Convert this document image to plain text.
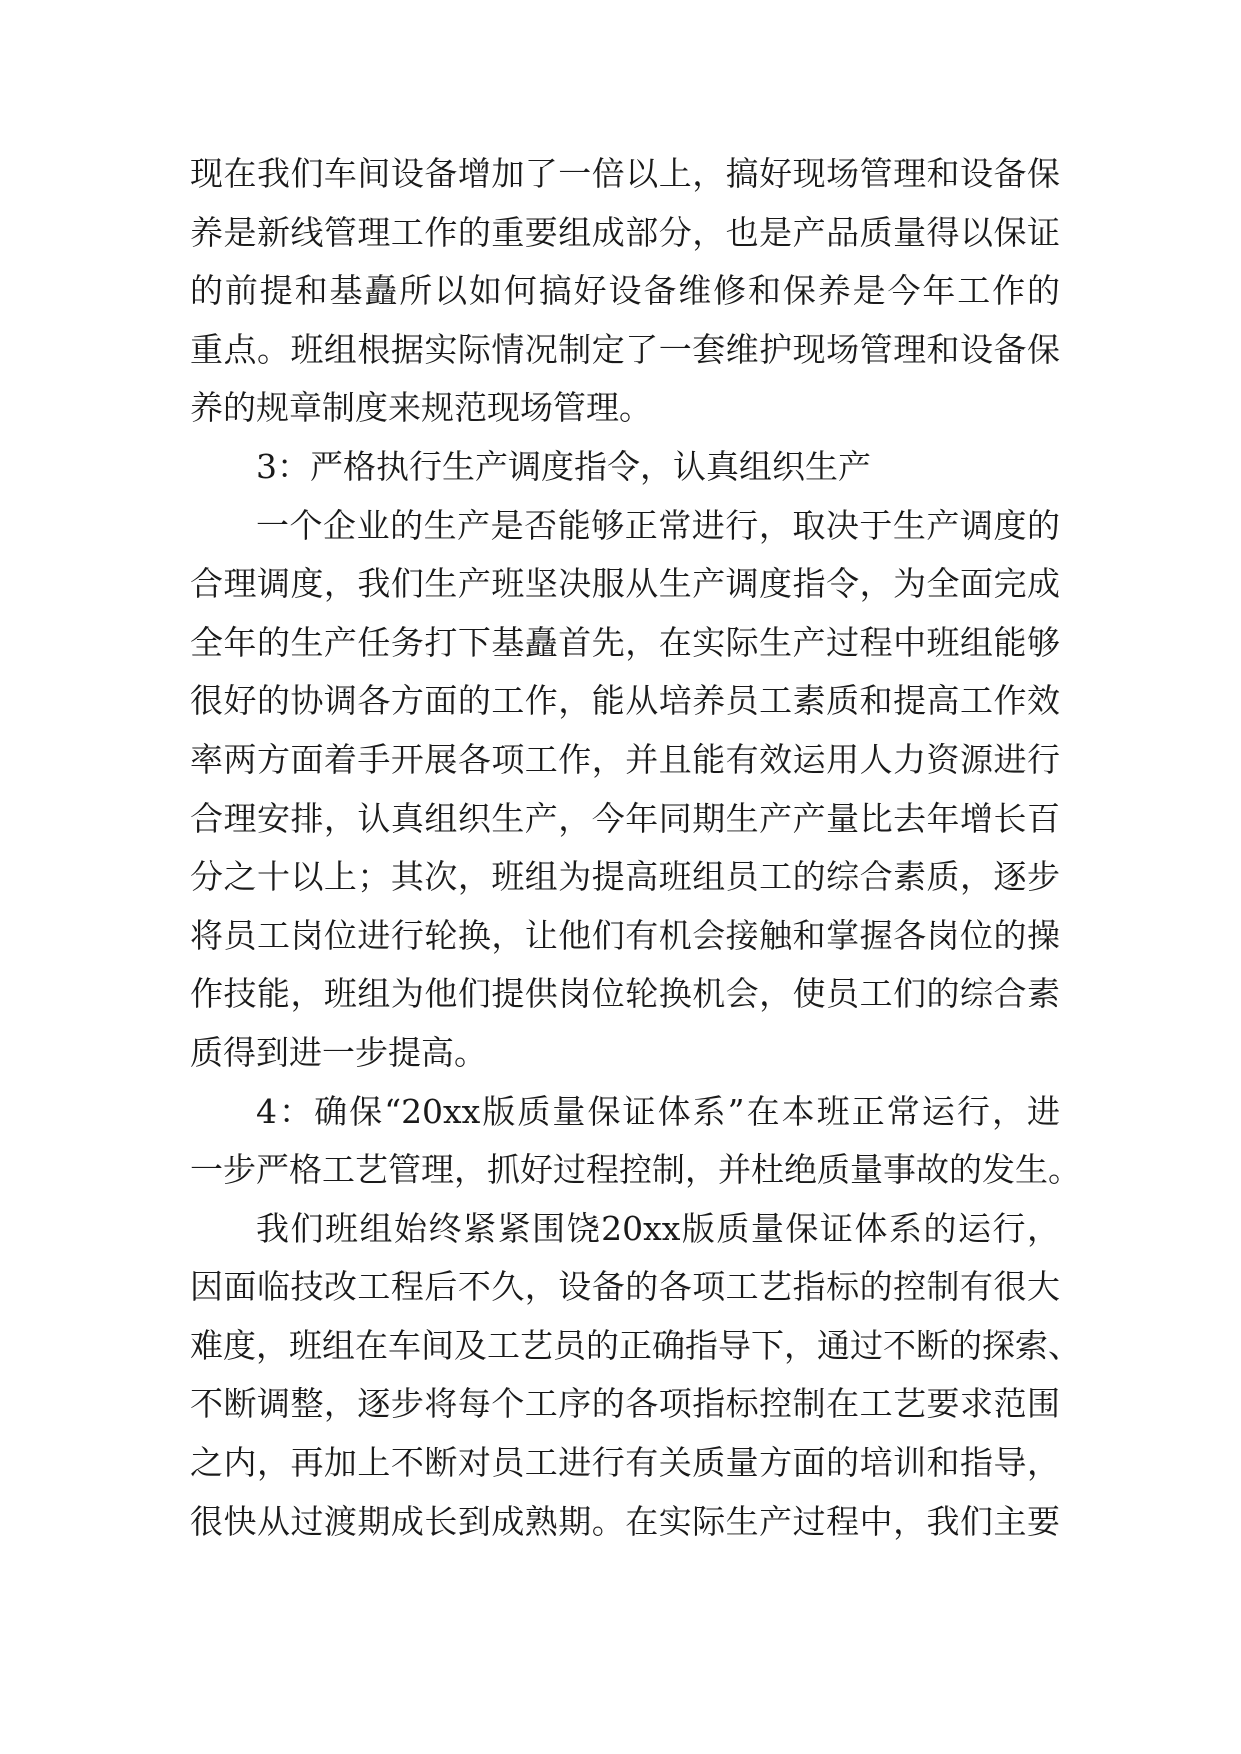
现在我们车间设备增加了一倍以上，搞好现场管理和设备保
养是新线管理工作的重要组成部分，也是产品质量得以保证
的前提和基矗所以如何搞好设备维修和保养是今年工作的
重点。班组根据实际情况制定了一套维护现场管理和设备保
养的规章制度来规范现场管理。
3：严格执行生产调度指令，认真组织生产
一个企业的生产是否能够正常进行，取决于生产调度的
合理调度，我们生产班坚决服从生产调度指令，为全面完成
全年的生产任务打下基矗首先，在实际生产过程中班组能够
很好的协调各方面的工作，能从培养员工素质和提高工作效
率两方面着手开展各项工作，并且能有效运用人力资源进行
合理安排，认真组织生产，今年同期生产产量比去年增长百
分之十以上；其次，班组为提高班组员工的综合素质，逐步
将员工岗位进行轮换，让他们有机会接触和掌握各岗位的操
作技能，班组为他们提供岗位轮换机会，使员工们的综合素
质得到进一步提高。
4：确保“20xx版质量保证体系”在本班正常运行，进
一步严格工艺管理，抓好过程控制，并杜绝质量事故的发生。
我们班组始终紧紧围饶20xx版质量保证体系的运行，
因面临技改工程后不久，设备的各项工艺指标的控制有很大
难度，班组在车间及工艺员的正确指导下，通过不断的探索、
不断调整，逐步将每个工序的各项指标控制在工艺要求范围
之内，再加上不断对员工进行有关质量方面的培训和指导，
很快从过渡期成长到成熟期。在实际生产过程中，我们主要
